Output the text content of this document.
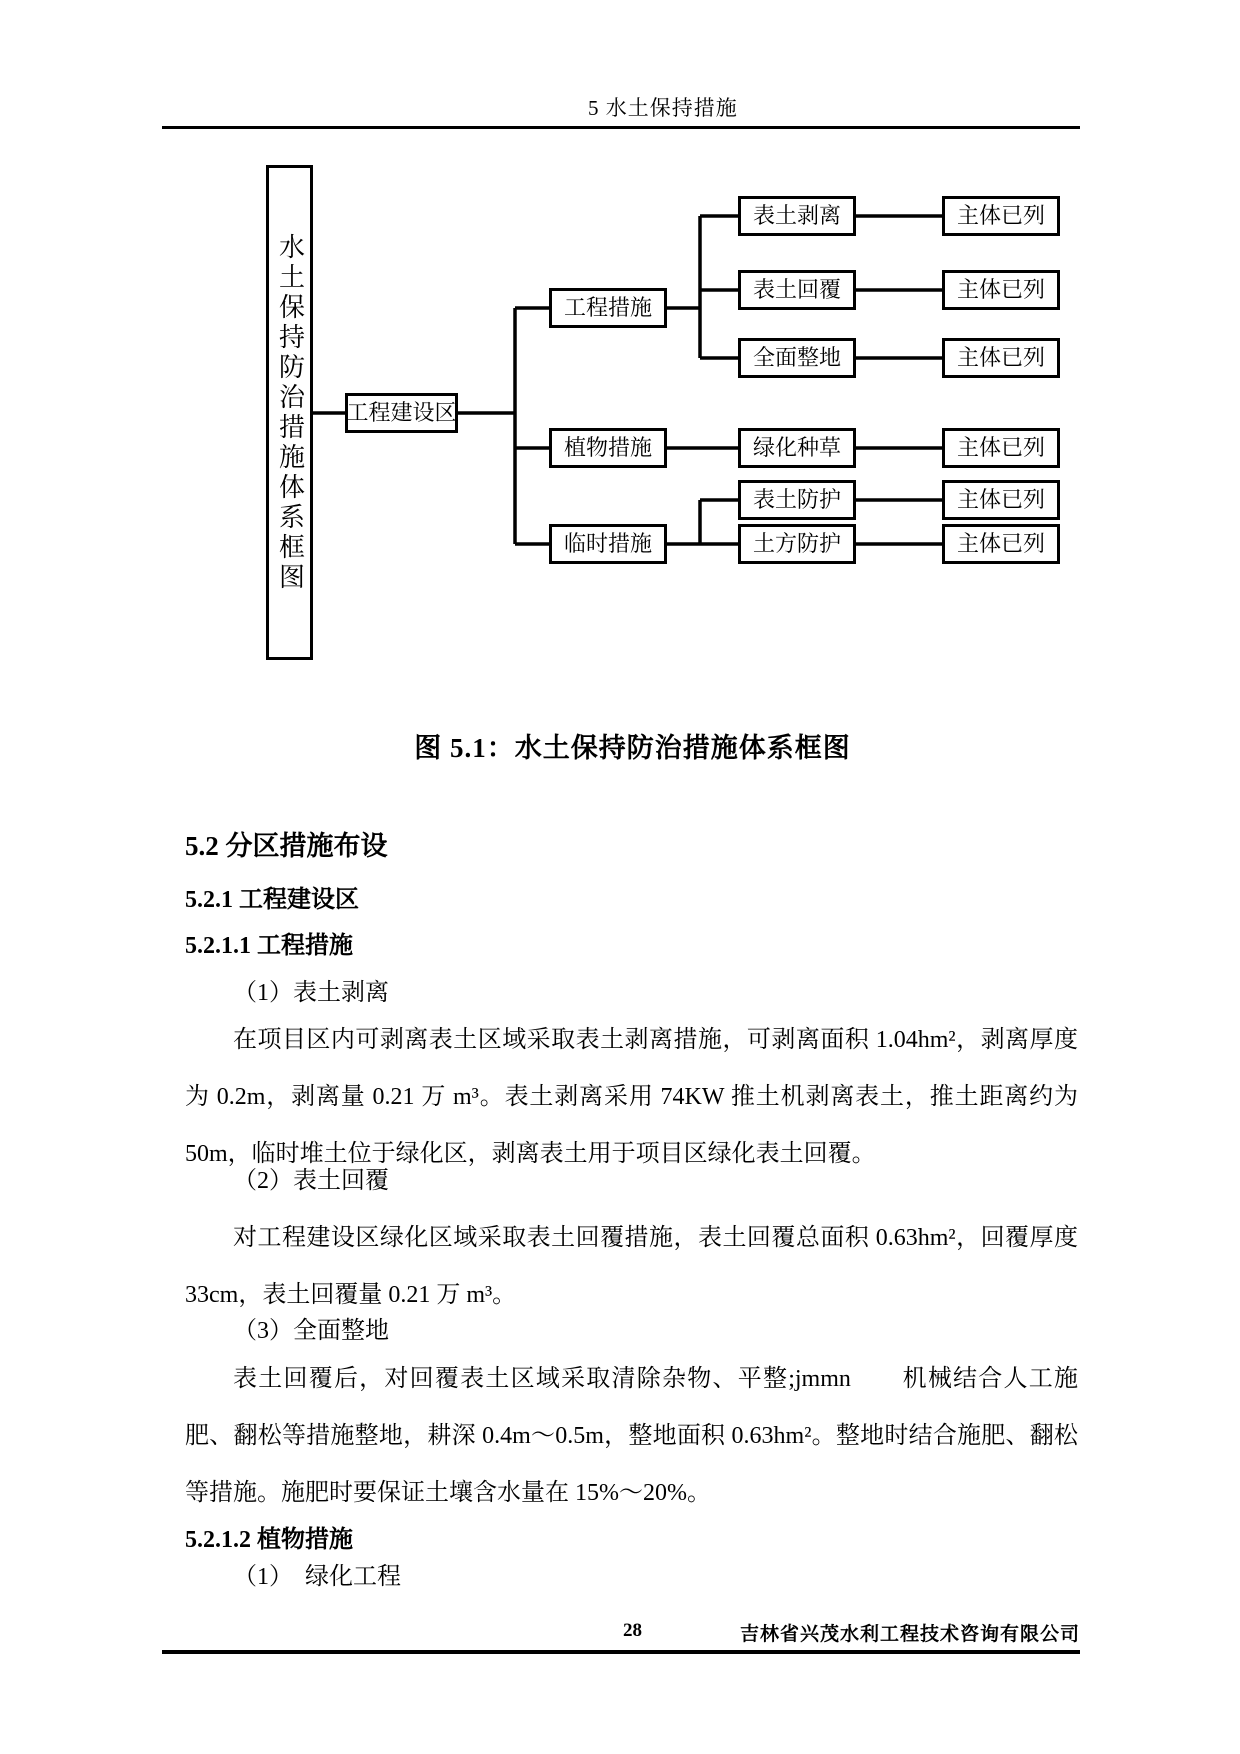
5 水土保持措施
水土保持防治措施体系框图	工程建设区
工程措施
植物措施
临时措施
表土剥离
表土回覆
全面整地
绿化种草
表土防护
土方防护
主体已列
主体已列
主体已列
主体已列
主体已列
主体已列
图 5.1：水土保持防治措施体系框图
5.2 分区措施布设
5.2.1 工程建设区
5.2.1.1 工程措施
（1）表土剥离
在项目区内可剥离表土区域采取表土剥离措施，可剥离面积 1.04hm²，剥离厚度为 0.2m，剥离量 0.21 万 m³。表土剥离采用 74KW 推土机剥离表土，推土距离约为 50m，临时堆土位于绿化区，剥离表土用于项目区绿化表土回覆。
（2）表土回覆
对工程建设区绿化区域采取表土回覆措施，表土回覆总面积 0.63hm²，回覆厚度 33cm，表土回覆量 0.21 万 m³。
（3）全面整地
表土回覆后，对回覆表土区域采取清除杂物、平整;jmmn　　机械结合人工施肥、翻松等措施整地，耕深 0.4m～0.5m，整地面积 0.63hm²。整地时结合施肥、翻松等措施。施肥时要保证土壤含水量在 15%～20%。
5.2.1.2 植物措施
（1）　绿化工程
28	吉林省兴茂水利工程技术咨询有限公司
